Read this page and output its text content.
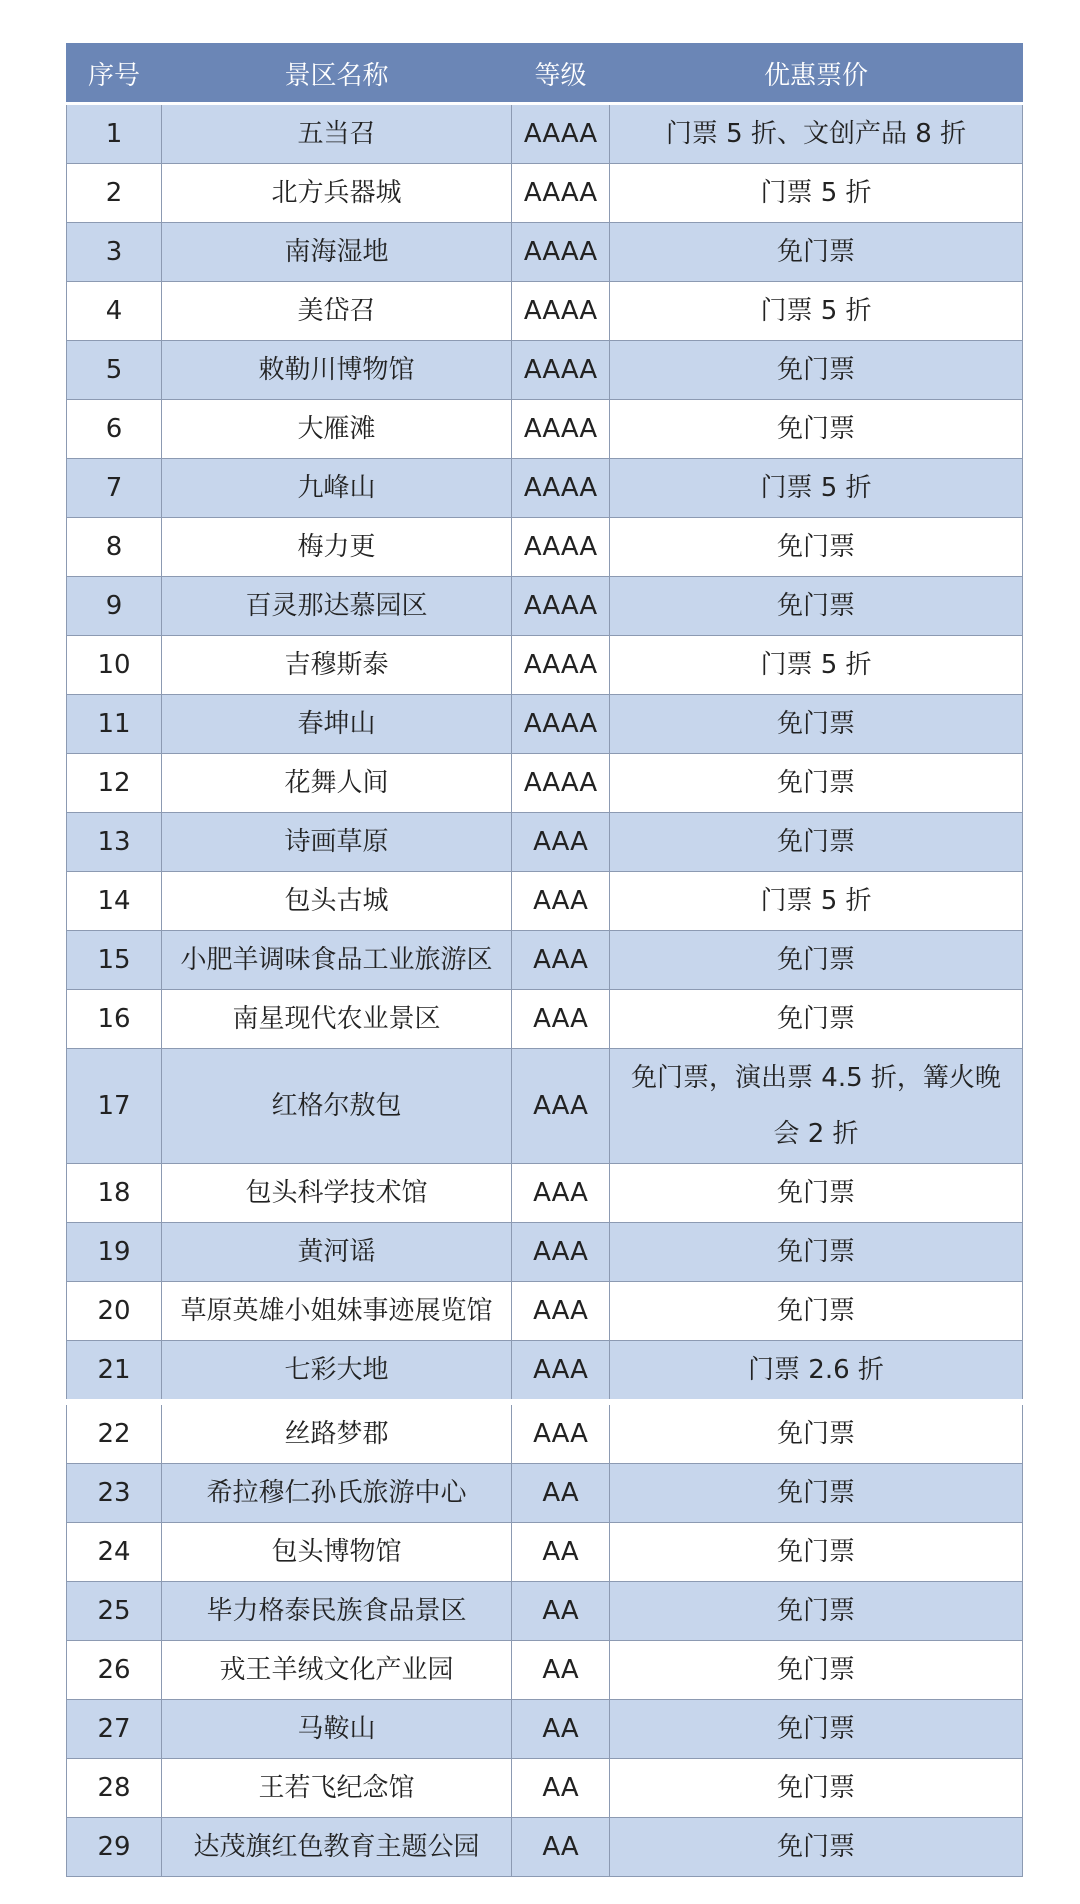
序号	景区名称	等级	优惠票价
1	五当召	AAAA	门票 5 折、文创产品 8 折
2	北方兵器城	AAAA	门票 5 折
3	南海湿地	AAAA	免门票
4	美岱召	AAAA	门票 5 折
5	敕勒川博物馆	AAAA	免门票
6	大雁滩	AAAA	免门票
7	九峰山	AAAA	门票 5 折
8	梅力更	AAAA	免门票
9	百灵那达慕园区	AAAA	免门票
10	吉穆斯泰	AAAA	门票 5 折
11	春坤山	AAAA	免门票
12	花舞人间	AAAA	免门票
13	诗画草原	AAA	免门票
14	包头古城	AAA	门票 5 折
15	小肥羊调味食品工业旅游区	AAA	免门票
16	南星现代农业景区	AAA	免门票
17	红格尔敖包	AAA	免门票，演出票 4.5 折，篝火晚会 2 折
18	包头科学技术馆	AAA	免门票
19	黄河谣	AAA	免门票
20	草原英雄小姐妹事迹展览馆	AAA	免门票
21	七彩大地	AAA	门票 2.6 折
22	丝路梦郡	AAA	免门票
23	希拉穆仁孙氏旅游中心	AA	免门票
24	包头博物馆	AA	免门票
25	毕力格泰民族食品景区	AA	免门票
26	戎王羊绒文化产业园	AA	免门票
27	马鞍山	AA	免门票
28	王若飞纪念馆	AA	免门票
29	达茂旗红色教育主题公园	AA	免门票
